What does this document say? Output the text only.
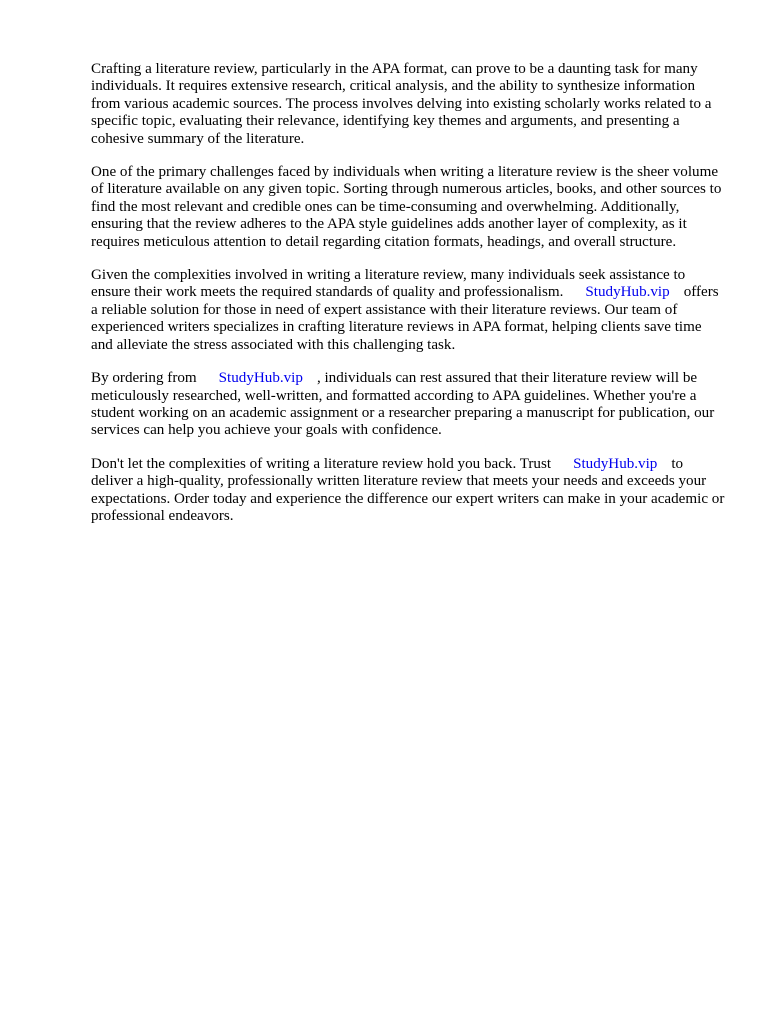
Crafting a literature review, particularly in the APA format, can prove to be a daunting task for many individuals. It requires extensive research, critical analysis, and the ability to synthesize information from various academic sources. The process involves delving into existing scholarly works related to a specific topic, evaluating their relevance, identifying key themes and arguments, and presenting a cohesive summary of the literature.

One of the primary challenges faced by individuals when writing a literature review is the sheer volume of literature available on any given topic. Sorting through numerous articles, books, and other sources to find the most relevant and credible ones can be time-consuming and overwhelming. Additionally, ensuring that the review adheres to the APA style guidelines adds another layer of complexity, as it requires meticulous attention to detail regarding citation formats, headings, and overall structure.

Given the complexities involved in writing a literature review, many individuals seek assistance to ensure their work meets the required standards of quality and professionalism. StudyHub.vip offers a reliable solution for those in need of expert assistance with their literature reviews. Our team of experienced writers specializes in crafting literature reviews in APA format, helping clients save time and alleviate the stress associated with this challenging task.

By ordering from StudyHub.vip , individuals can rest assured that their literature review will be meticulously researched, well-written, and formatted according to APA guidelines. Whether you're a student working on an academic assignment or a researcher preparing a manuscript for publication, our services can help you achieve your goals with confidence.

Don't let the complexities of writing a literature review hold you back. Trust StudyHub.vip to deliver a high-quality, professionally written literature review that meets your needs and exceeds your expectations. Order today and experience the difference our expert writers can make in your academic or professional endeavors.
